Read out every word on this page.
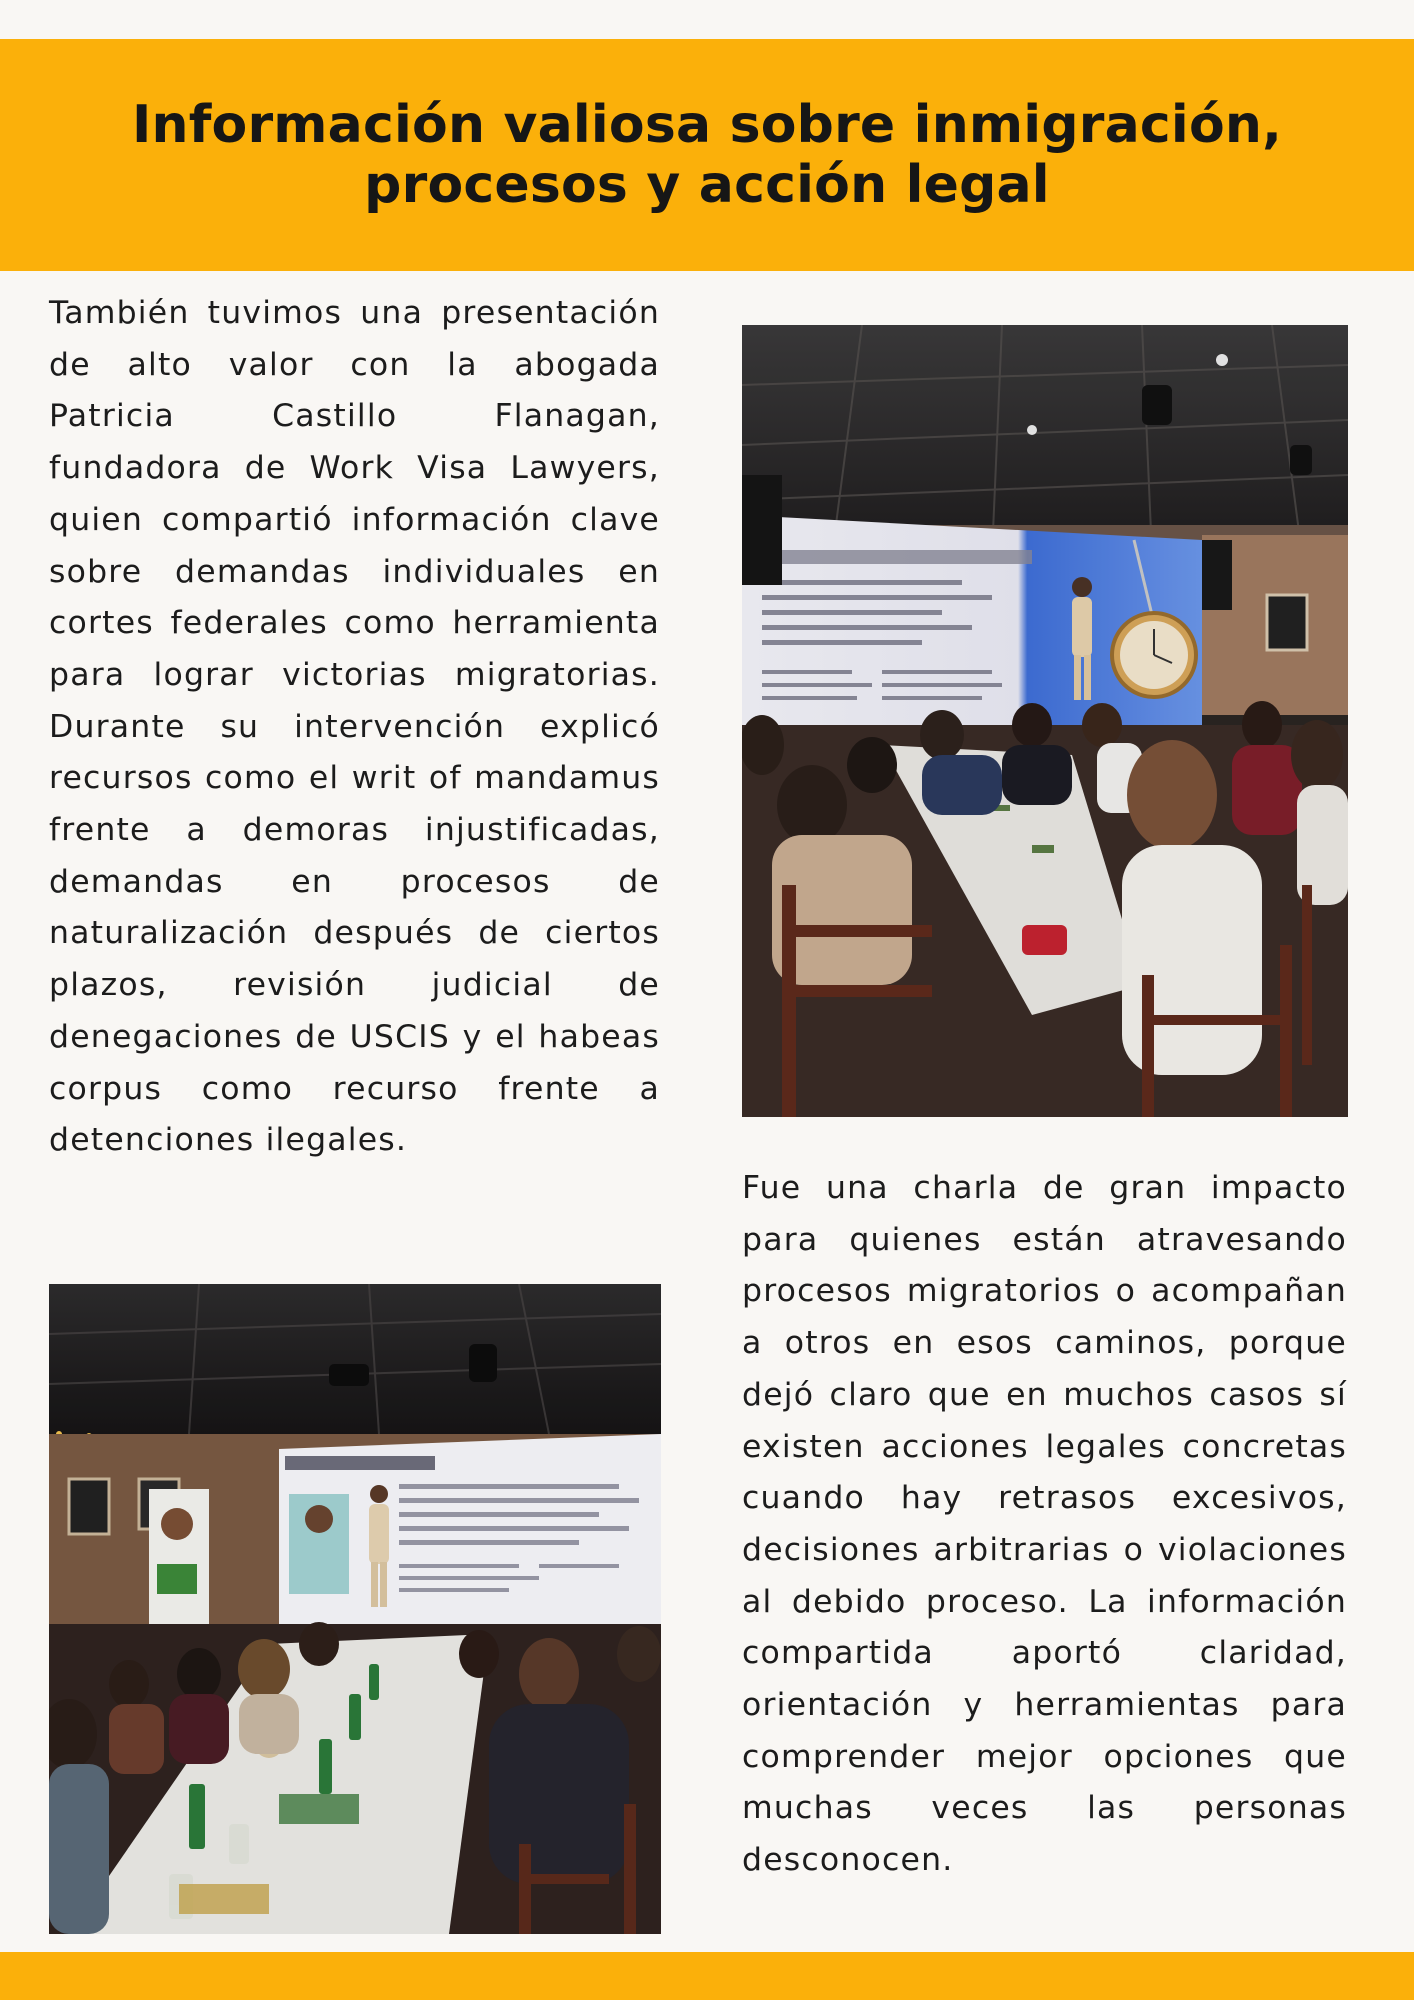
Información valiosa sobre inmigración, procesos y acción legal

También tuvimos una presentación de alto valor con la abogada Patricia Castillo Flanagan, fundadora de Work Visa Lawyers, quien compartió información clave sobre demandas individuales en cortes federales como herramienta para lograr victorias migratorias. Durante su intervención explicó recursos como el writ of mandamus frente a demoras injustificadas, demandas en procesos de naturalización después de ciertos plazos, revisión judicial de denegaciones de USCIS y el habeas corpus como recurso frente a detenciones ilegales.

Fue una charla de gran impacto para quienes están atravesando procesos migratorios o acompañan a otros en esos caminos, porque dejó claro que en muchos casos sí existen acciones legales concretas cuando hay retrasos excesivos, decisiones arbitrarias o violaciones al debido proceso. La información compartida aportó claridad, orientación y herramientas para comprender mejor opciones que muchas veces las personas desconocen.
